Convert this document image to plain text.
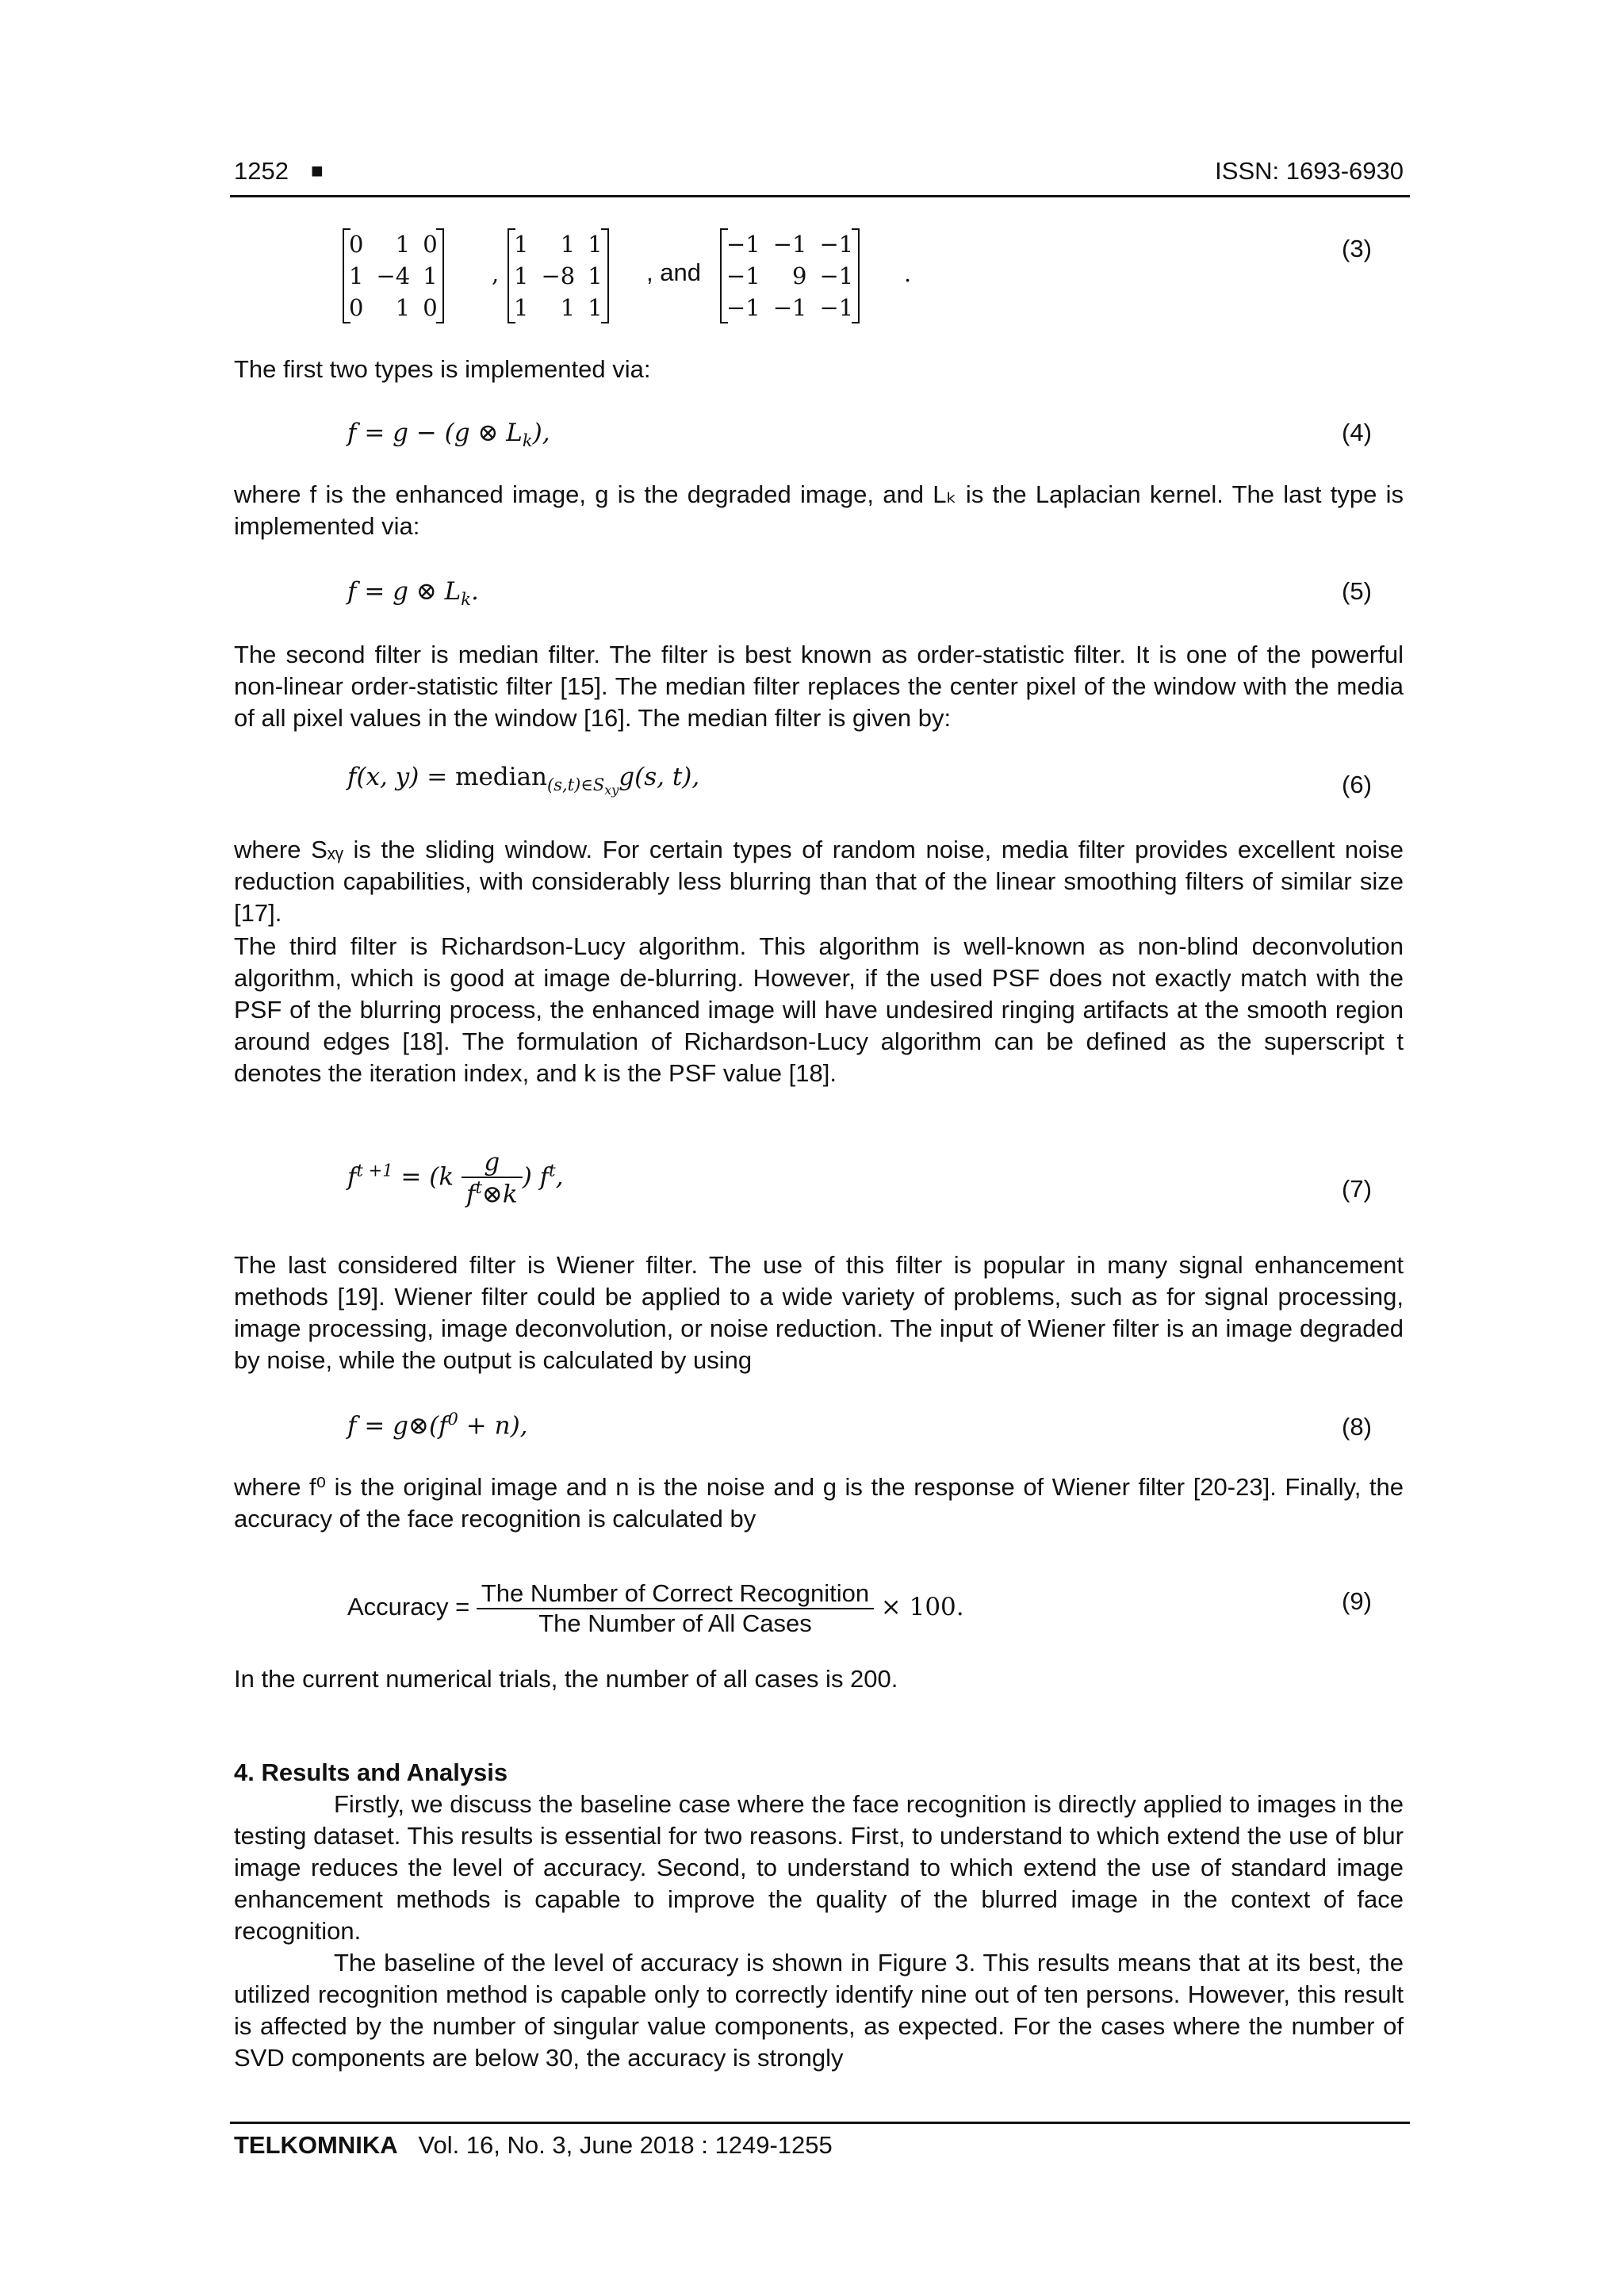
1252 ■	ISSN: 1693-6930
0	1	0
1	−4	1
0	1	0
,
1	1	1
1	−8	1
1	1	1
, and
−1	−1	−1
−1	9	−1
−1	−1	−1
.
(3)
The first two types is implemented via:
f = g − (g ⊗ $L_k$),	(4)
where f is the enhanced image, g is the degraded image, and Lₖ is the Laplacian kernel. The last type is implemented via:
f = g ⊗ $L_k$.	(5)
The second filter is median filter. The filter is best known as order-statistic filter. It is one of the powerful non-linear order-statistic filter [15]. The median filter replaces the center pixel of the window with the media of all pixel values in the window [16]. The median filter is given by:
f(x, y) = median$_{(s,t)\in S_{xy}}$g(s, t),	(6)
where Sₓᵧ is the sliding window. For certain types of random noise, media filter provides excellent noise reduction capabilities, with considerably less blurring than that of the linear smoothing filters of similar size [17].
The third filter is Richardson-Lucy algorithm. This algorithm is well-known as non-blind deconvolution algorithm, which is good at image de-blurring. However, if the used PSF does not exactly match with the PSF of the blurring process, the enhanced image will have undesired ringing artifacts at the smooth region around edges [18]. The formulation of Richardson-Lucy algorithm can be defined as the superscript t denotes the iteration index, and k is the PSF value [18].
$f^{t +1} = (k \frac{g}{f^t\otimes k}$ ) $f^t$,	(7)
The last considered filter is Wiener filter. The use of this filter is popular in many signal enhancement methods [19]. Wiener filter could be applied to a wide variety of problems, such as for signal processing, image processing, image deconvolution, or noise reduction. The input of Wiener filter is an image degraded by noise, while the output is calculated by using
$f = g\otimes(f^0 + n)$,	(8)
where f⁰ is the original image and n is the noise and g is the response of Wiener filter [20-23]. Finally, the accuracy of the face recognition is calculated by
Accuracy = $\frac{\text{The Number of Correct Recognition}}{\text{The Number of All Cases}} \times 100$.	(9)
In the current numerical trials, the number of all cases is 200.
4. Results and Analysis
Firstly, we discuss the baseline case where the face recognition is directly applied to images in the testing dataset. This results is essential for two reasons. First, to understand to which extend the use of blur image reduces the level of accuracy. Second, to understand to which extend the use of standard image enhancement methods is capable to improve the quality of the blurred image in the context of face recognition.
The baseline of the level of accuracy is shown in Figure 3. This results means that at its best, the utilized recognition method is capable only to correctly identify nine out of ten persons. However, this result is affected by the number of singular value components, as expected. For the cases where the number of SVD components are below 30, the accuracy is strongly
TELKOMNIKA Vol. 16, No. 3, June 2018 : 1249-1255
